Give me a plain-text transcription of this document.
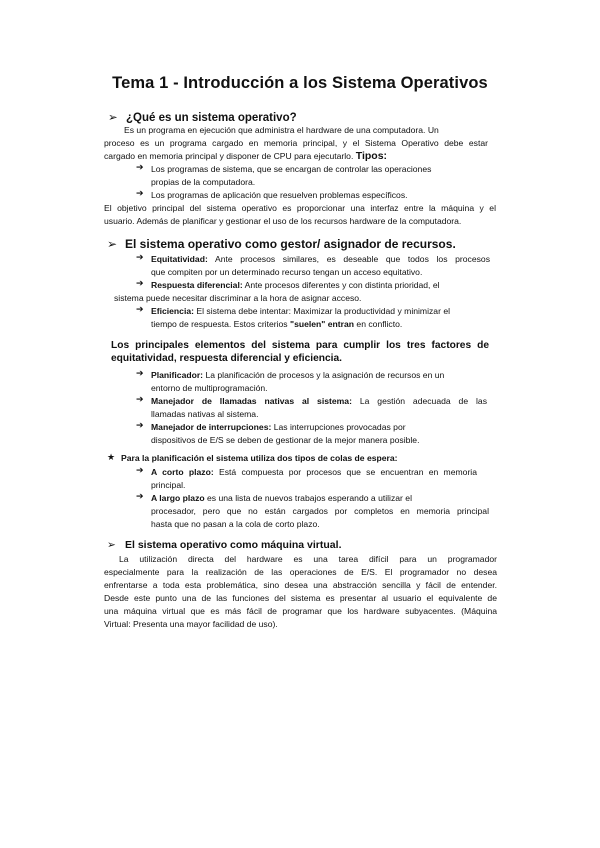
Tema 1 - Introducción a los Sistema Operativos
➢ ¿Qué es un sistema operativo?
Es un programa en ejecución que administra el hardware de una computadora. Un
proceso es un programa cargado en memoria principal, y el Sistema Operativo debe estar
cargado en memoria principal y disponer de CPU para ejecutarlo. Tipos:
➔ Los programas de sistema, que se encargan de controlar las operaciones
propias de la computadora.
➔ Los programas de aplicación que resuelven problemas específicos.
El objetivo principal del sistema operativo es proporcionar una interfaz entre la máquina y el
usuario. Además de planificar y gestionar el uso de los recursos hardware de la computadora.
➢ El sistema operativo como gestor/ asignador de recursos.
➔ Equitatividad: Ante procesos similares, es deseable que todos los procesos
que compiten por un determinado recurso tengan un acceso equitativo.
➔ Respuesta diferencial: Ante procesos diferentes y con distinta prioridad, el
sistema puede necesitar discriminar a la hora de asignar acceso.
➔ Eficiencia: El sistema debe intentar: Maximizar la productividad y minimizar el
tiempo de respuesta. Estos criterios "suelen" entran en conflicto.
Los principales elementos del sistema para cumplir los tres factores de
equitatividad, respuesta diferencial y eficiencia.
➔ Planificador: La planificación de procesos y la asignación de recursos en un
entorno de multiprogramación.
➔ Manejador de llamadas nativas al sistema: La gestión adecuada de las
llamadas nativas al sistema.
➔ Manejador de interrupciones: Las interrupciones provocadas por
dispositivos de E/S se deben de gestionar de la mejor manera posible.
★ Para la planificación el sistema utiliza dos tipos de colas de espera:
➔ A corto plazo: Está compuesta por procesos que se encuentran en memoria
principal.
➔ A largo plazo es una lista de nuevos trabajos esperando a utilizar el
procesador, pero que no están cargados por completos en memoria principal
hasta que no pasan a la cola de corto plazo.
➢ El sistema operativo como máquina virtual.
La utilización directa del hardware es una tarea difícil para un programador
especialmente para la realización de las operaciones de E/S. El programador no desea
enfrentarse a toda esta problemática, sino desea una abstracción sencilla y fácil de entender.
Desde este punto una de las funciones del sistema es presentar al usuario el equivalente de
una máquina virtual que es más fácil de programar que los hardware subyacentes. (Máquina
Virtual: Presenta una mayor facilidad de uso).
